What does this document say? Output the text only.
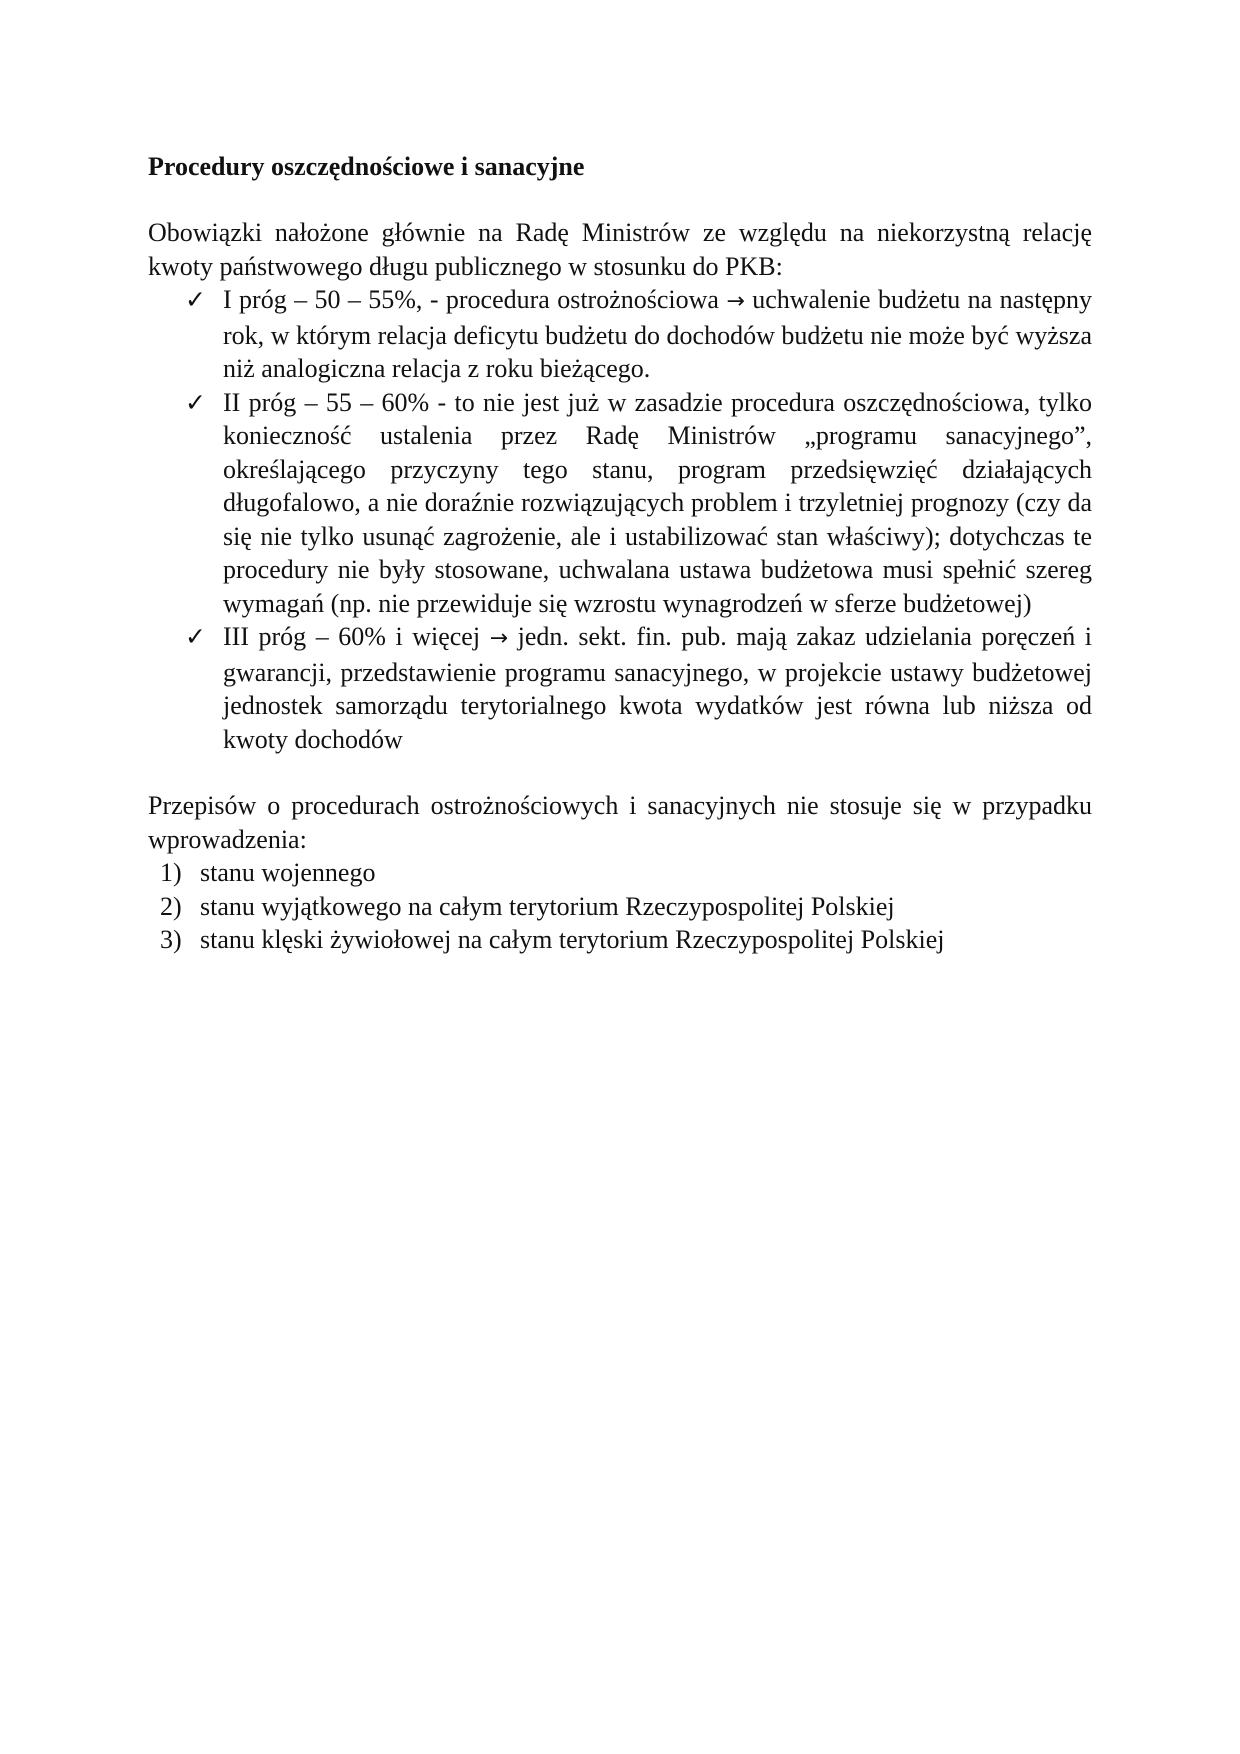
Procedury oszczędnościowe i sanacyjne

Obowiązki nałożone głównie na Radę Ministrów ze względu na niekorzystną relację kwoty państwowego długu publicznego w stosunku do PKB:

✓ I próg – 50 – 55%, - procedura ostrożnościowa → uchwalenie budżetu na następny rok, w którym relacja deficytu budżetu do dochodów budżetu nie może być wyższa niż analogiczna relacja z roku bieżącego.
✓ II próg – 55 – 60% - to nie jest już w zasadzie procedura oszczędnościowa, tylko konieczność ustalenia przez Radę Ministrów „programu sanacyjnego”, określającego przyczyny tego stanu, program przedsięwzięć działających długofalowo, a nie doraźnie rozwiązujących problem i trzyletniej prognozy (czy da się nie tylko usunąć zagrożenie, ale i ustabilizować stan właściwy); dotychczas te procedury nie były stosowane, uchwalana ustawa budżetowa musi spełnić szereg wymagań (np. nie przewiduje się wzrostu wynagrodzeń w sferze budżetowej)
✓ III próg – 60% i więcej → jedn. sekt. fin. pub. mają zakaz udzielania poręczeń i gwarancji, przedstawienie programu sanacyjnego, w projekcie ustawy budżetowej jednostek samorządu terytorialnego kwota wydatków jest równa lub niższa od kwoty dochodów

Przepisów o procedurach ostrożnościowych i sanacyjnych nie stosuje się w przypadku wprowadzenia:

1) stanu wojennego
2) stanu wyjątkowego na całym terytorium Rzeczypospolitej Polskiej
3) stanu klęski żywiołowej na całym terytorium Rzeczypospolitej Polskiej
